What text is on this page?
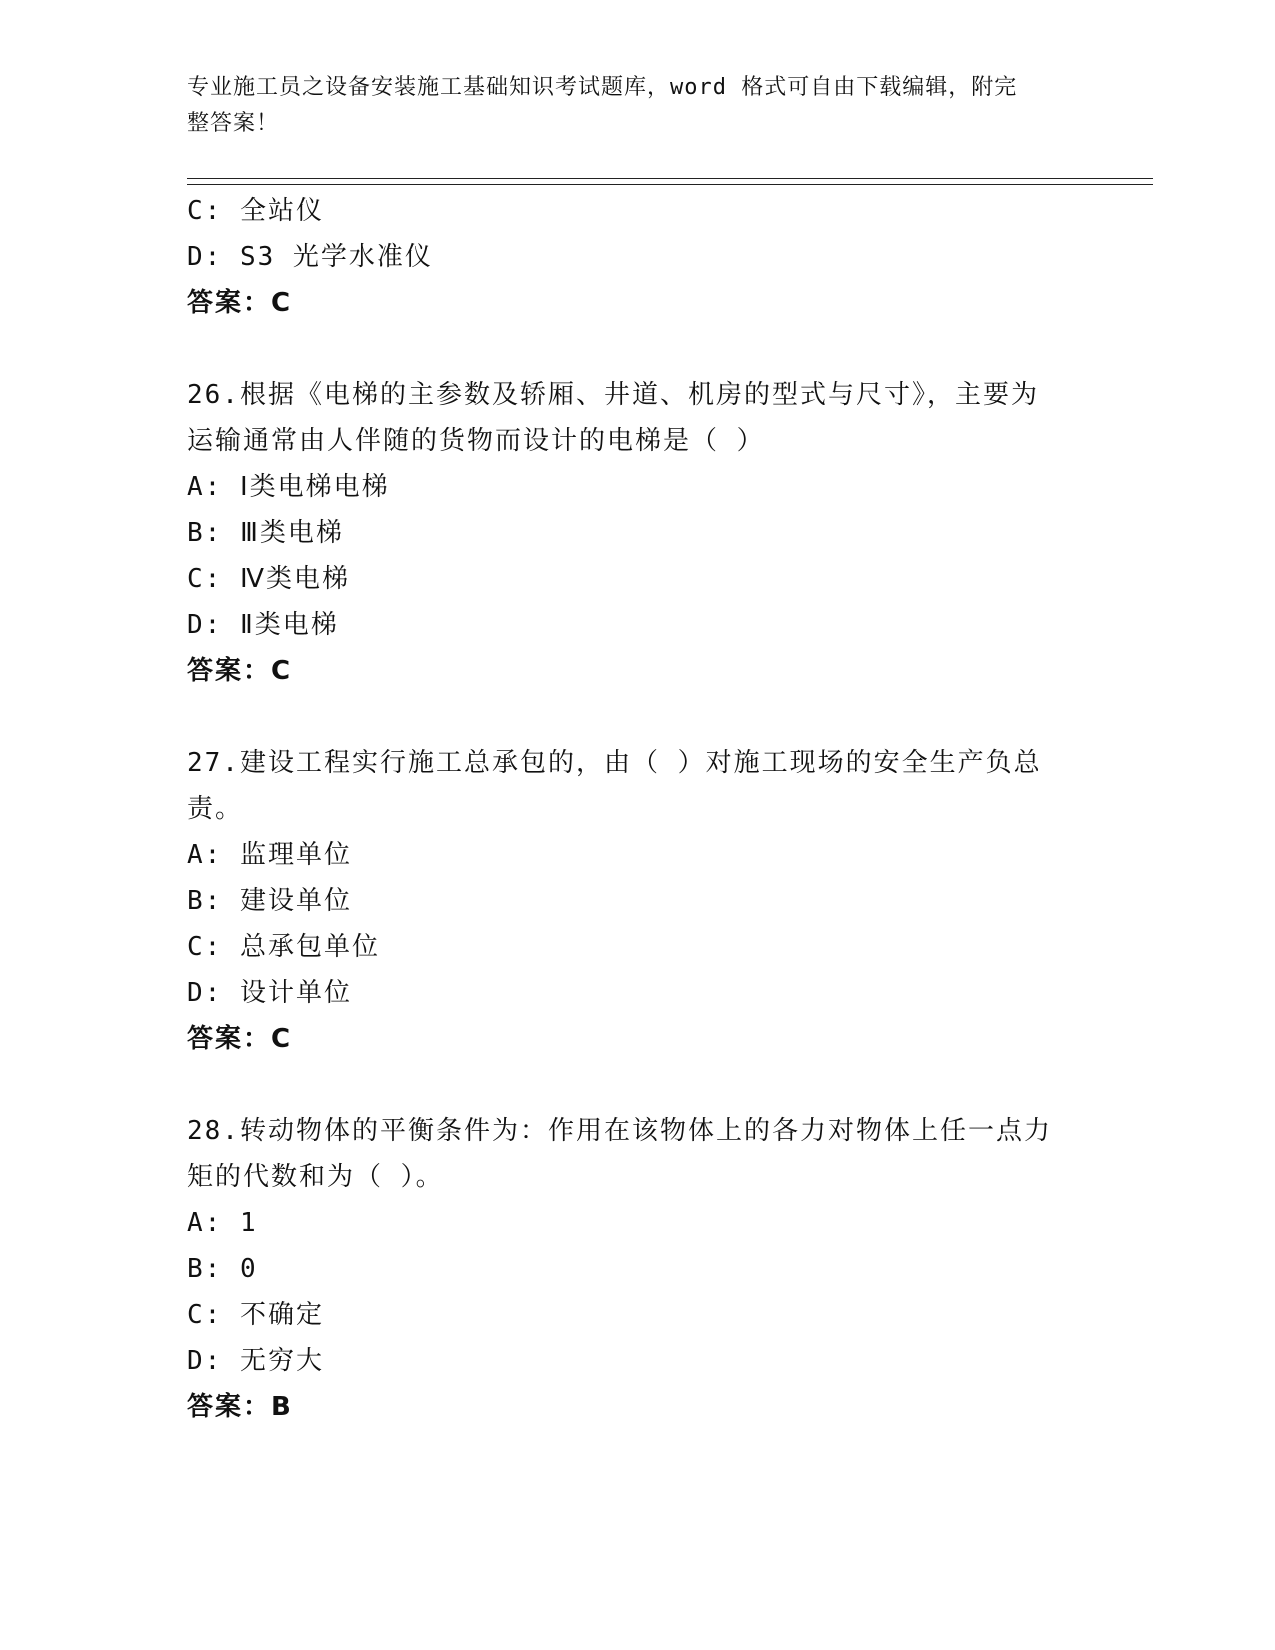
专业施工员之设备安装施工基础知识考试题库，word 格式可自由下载编辑，附完
整答案！
C: 全站仪
D: S3 光学水准仪
答案：C
26.根据《电梯的主参数及轿厢、井道、机房的型式与尺寸》，主要为
运输通常由人伴随的货物而设计的电梯是（ ）
A: Ⅰ类电梯电梯
B: Ⅲ类电梯
C: Ⅳ类电梯
D: Ⅱ类电梯
答案：C
27.建设工程实行施工总承包的，由（ ）对施工现场的安全生产负总
责。
A: 监理单位
B: 建设单位
C: 总承包单位
D: 设计单位
答案：C
28.转动物体的平衡条件为：作用在该物体上的各力对物体上任一点力
矩的代数和为（ ）。
A: 1
B: 0
C: 不确定
D: 无穷大
答案：B
